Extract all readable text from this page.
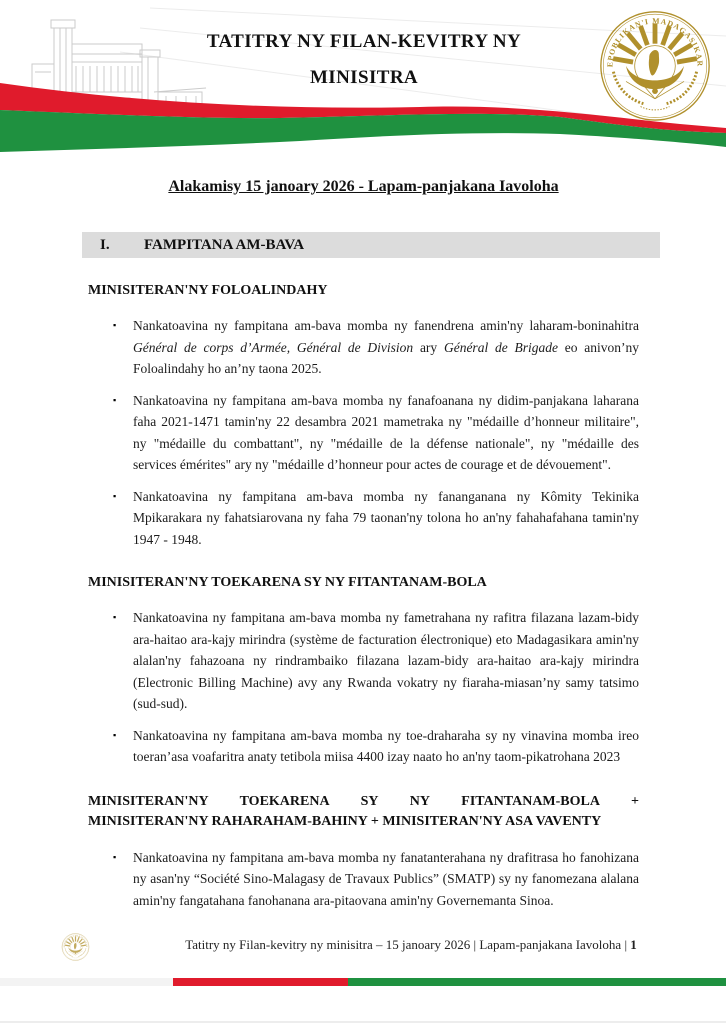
TATITRY NY FILAN-KEVITRY NY
MINISITRA
Alakamisy 15 janoary 2026 - Lapam-panjakana Iavoloha
I. FAMPITANA AM-BAVA
MINISITERAN'NY FOLOALINDAHY
▪	Nankatoavina ny fampitana am-bava momba ny fanendrena amin'ny laharam-boninahitra Général de corps d’Armée, Général de Division ary Général de Brigade eo anivon’ny Foloalindahy ho an’ny taona 2025.
▪	Nankatoavina ny fampitana am-bava momba ny fanafoanana ny didim-panjakana laharana faha 2021-1471 tamin'ny 22 desambra 2021 mametraka ny "médaille d’honneur militaire", ny "médaille du combattant", ny "médaille de la défense nationale", ny "médaille des services émérites" ary ny "médaille d’honneur pour actes de courage et de dévouement".
▪	Nankatoavina ny fampitana am-bava momba ny fananganana ny Kômity Tekinika Mpikarakara ny fahatsiarovana ny faha 79 taonan'ny tolona ho an'ny fahahafahana tamin'ny 1947 - 1948.
MINISITERAN'NY TOEKARENA SY NY FITANTANAM-BOLA
▪	Nankatoavina ny fampitana am-bava momba ny fametrahana ny rafitra filazana lazam-bidy ara-haitao ara-kajy mirindra (système de facturation électronique) eto Madagasikara amin'ny alalan'ny fahazoana ny rindrambaiko filazana lazam-bidy ara-haitao ara-kajy mirindra (Electronic Billing Machine) avy any Rwanda vokatry ny fiaraha-miasan’ny samy tatsimo (sud-sud).
▪	Nankatoavina ny fampitana am-bava momba ny toe-draharaha sy ny vinavina momba ireo toeran’asa voafaritra anaty tetibola miisa 4400 izay naato ho an'ny taom-pikatrohana 2023
MINISITERAN'NY TOEKARENA SY NY FITANTANAM-BOLA +
MINISITERAN'NY RAHARAHAM-BAHINY + MINISITERAN'NY ASA VAVENTY
▪	Nankatoavina ny fampitana am-bava momba ny fanatanterahana ny drafitrasa ho fanohizana ny asan'ny “Société Sino-Malagasy de Travaux Publics” (SMATP) sy ny fanomezana alalana amin'ny fangatahana fanohanana ara-pitaovana amin'ny Governemanta Sinoa.
Tatitry ny Filan-kevitry ny minisitra – 15 janoary 2026 | Lapam-panjakana Iavoloha | 1
